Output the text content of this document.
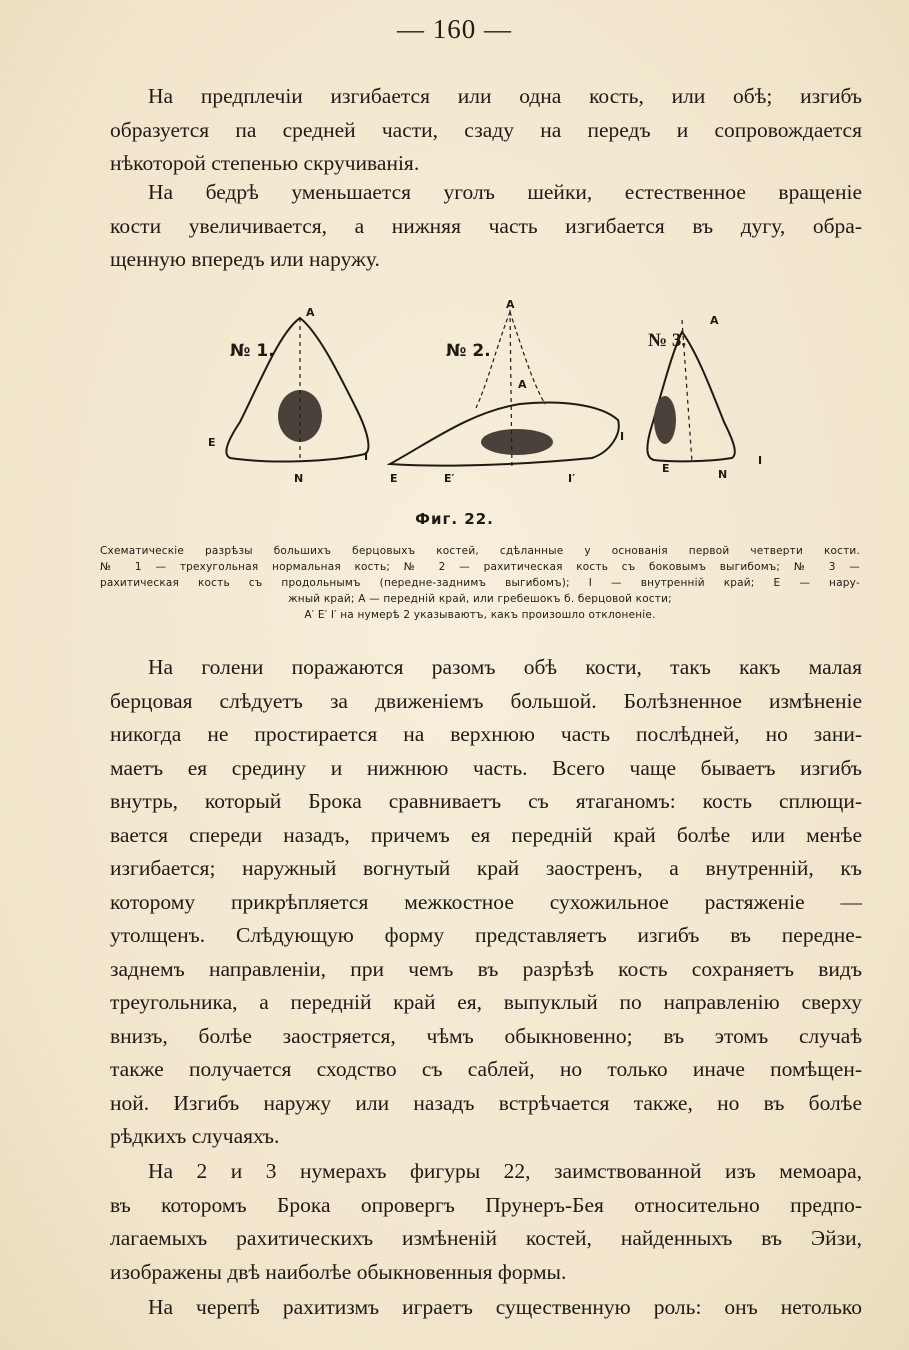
— 160 —

На предплечіи изгибается или одна кость, или обѣ; изгибъ
образуется па средней части, сзаду на передъ и сопровождается
нѣкоторой степенью скручиванія.

На бедрѣ уменьшается уголъ шейки, естественное вращеніе
кости увеличивается, а нижняя часть изгибается въ дугу, обра-
щенную впередъ или наружу.

№ 1.	№ 2.	№ 3.
A
A
A
A
E
I
N	E	E′
I
I′
E	N
I
Фиг. 22.
Схематическіе разрѣзы большихъ берцовыхъ костей, сдѣланные у основанія первой четверти кости.
№ 1 — трехугольная нормальная кость; № 2 — рахитическая кость съ боковымъ выгибомъ; № 3 —
рахитическая кость съ продольнымъ (передне-заднимъ выгибомъ); I — внутренній край; E — нару-
жный край; A — передній край, или гребешокъ б. берцовой кости;
A′ E′ I′ на нумерѣ 2 указываютъ, какъ произошло отклоненіе.

На голени поражаются разомъ обѣ кости, такъ какъ малая
берцовая слѣдуетъ за движеніемъ большой. Болѣзненное измѣненіе
никогда не простирается на верхнюю часть послѣдней, но зани-
маетъ ея средину и нижнюю часть. Всего чаще бываетъ изгибъ
внутрь, который Брока сравниваетъ съ ятаганомъ: кость сплющи-
вается спереди назадъ, причемъ ея передній край болѣе или менѣе
изгибается; наружный вогнутый край заостренъ, а внутренній, къ
которому прикрѣпляется межкостное сухожильное растяженіе —
утолщенъ. Слѣдующую форму представляетъ изгибъ въ передне-
заднемъ направленіи, при чемъ въ разрѣзѣ кость сохраняетъ видъ
треугольника, а передній край ея, выпуклый по направленію сверху
внизъ, болѣе заостряется, чѣмъ обыкновенно; въ этомъ случаѣ
также получается сходство съ саблей, но только иначе помѣщен-
ной. Изгибъ наружу или назадъ встрѣчается также, но въ болѣе
рѣдкихъ случаяхъ.

На 2 и 3 нумерахъ фигуры 22, заимствованной изъ мемоара,
въ которомъ Брока опровергъ Прунеръ-Бея относительно предпо-
лагаемыхъ рахитическихъ измѣненій костей, найденныхъ въ Эйзи,
изображены двѣ наиболѣе обыкновенныя формы.

На черепѣ рахитизмъ играетъ существенную роль: онъ нетолько
